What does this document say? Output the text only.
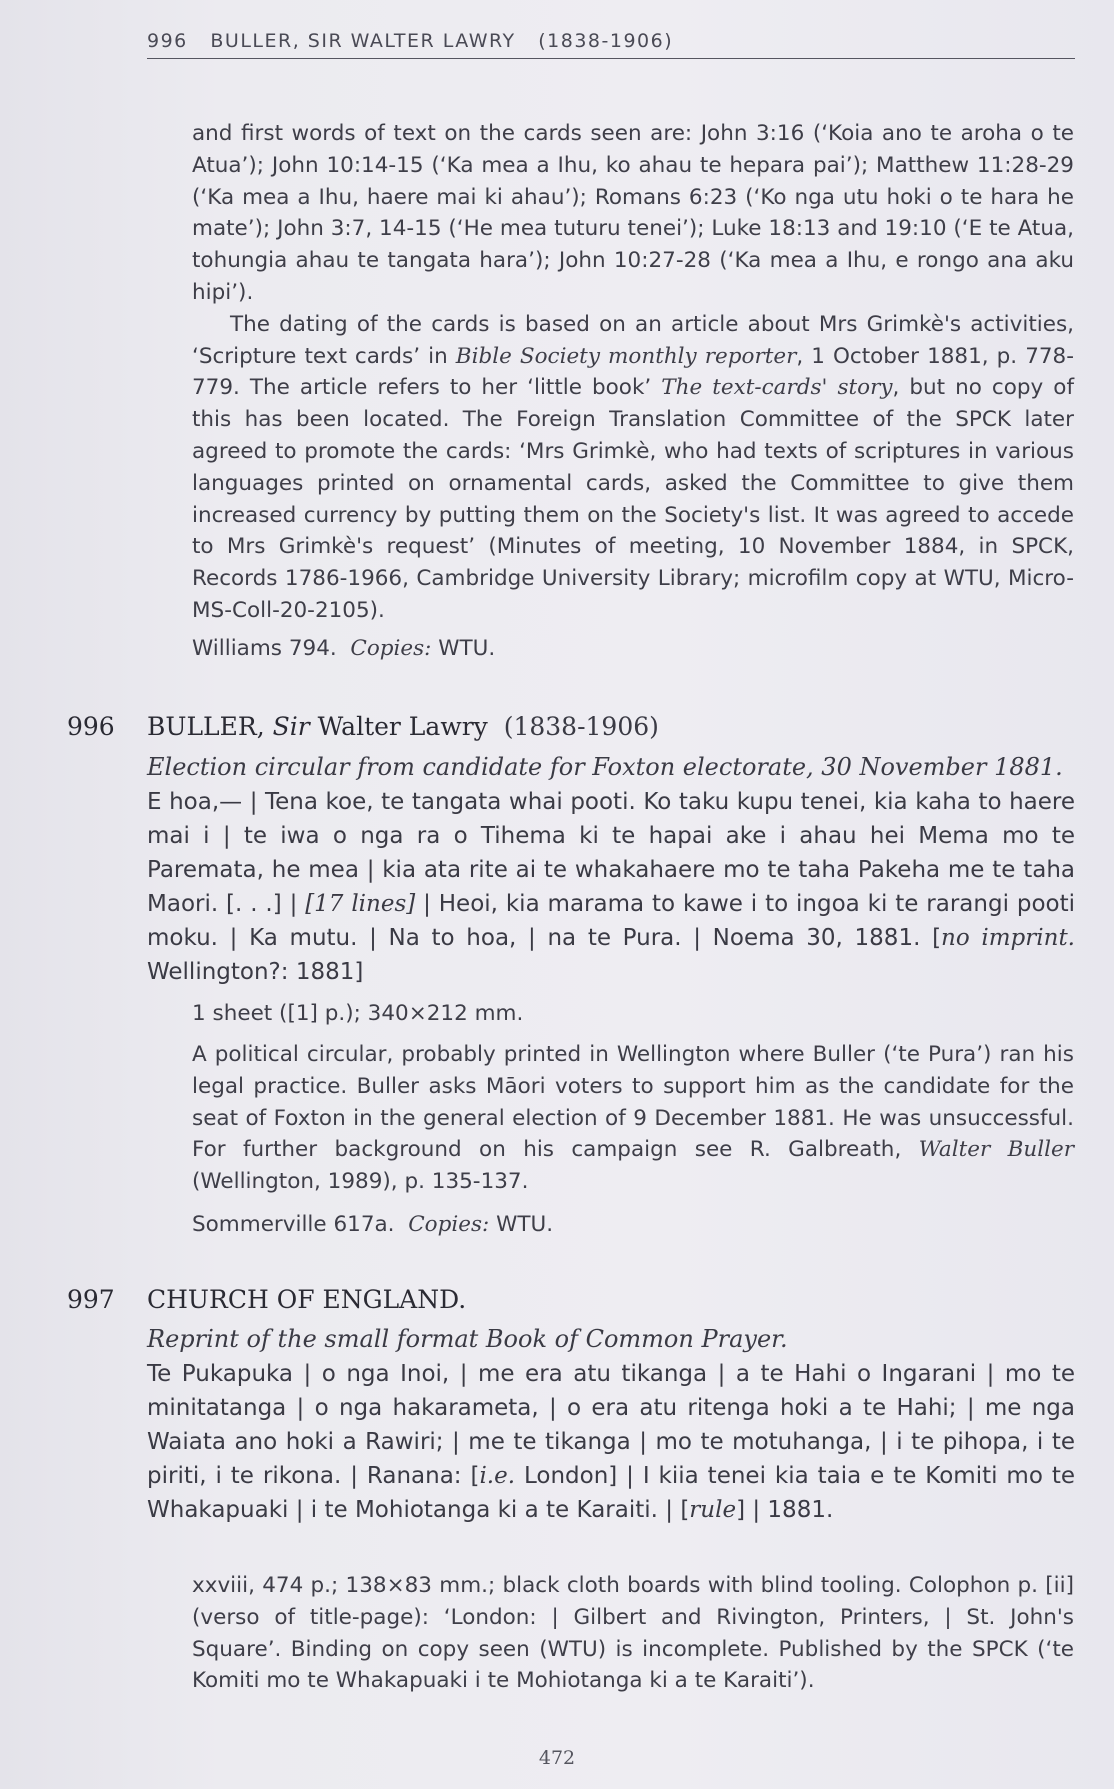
996   BULLER, SIR WALTER LAWRY   (1838-1906)

and first words of text on the cards seen are: John 3:16 (‘Koia ano te aroha o te Atua’); John 10:14-15 (‘Ka mea a Ihu, ko ahau te hepara pai’); Matthew 11:28-29 (‘Ka mea a Ihu, haere mai ki ahau’); Romans 6:23 (‘Ko nga utu hoki o te hara he mate’); John 3:7, 14-15 (‘He mea tuturu tenei’); Luke 18:13 and 19:10 (‘E te Atua, tohungia ahau te tangata hara’); John 10:27-28 (‘Ka mea a Ihu, e rongo ana aku hipi’).

The dating of the cards is based on an article about Mrs Grimkè's activities, ‘Scripture text cards’ in Bible Society monthly reporter, 1 October 1881, p. 778-779. The article refers to her ‘little book’ The text-cards' story, but no copy of this has been located. The Foreign Translation Committee of the SPCK later agreed to promote the cards: ‘Mrs Grimkè, who had texts of scriptures in various languages printed on ornamental cards, asked the Committee to give them increased currency by putting them on the Society's list. It was agreed to accede to Mrs Grimkè's request’ (Minutes of meeting, 10 November 1884, in SPCK, Records 1786-1966, Cambridge University Library; microfilm copy at WTU, Micro-MS-Coll-20-2105).

Williams 794.  Copies: WTU.

996 BULLER, Sir Walter Lawry (1838-1906)

Election circular from candidate for Foxton electorate, 30 November 1881.

E hoa,— | Tena koe, te tangata whai pooti. Ko taku kupu tenei, kia kaha to haere mai i | te iwa o nga ra o Tihema ki te hapai ake i ahau hei Mema mo te Paremata, he mea | kia ata rite ai te whakahaere mo te taha Pakeha me te taha Maori. [. . .] | [17 lines] | Heoi, kia marama to kawe i to ingoa ki te rarangi pooti moku. | Ka mutu. | Na to hoa, | na te Pura. | Noema 30, 1881. [no imprint. Wellington?: 1881]

1 sheet ([1] p.); 340×212 mm.

A political circular, probably printed in Wellington where Buller (‘te Pura’) ran his legal practice. Buller asks Māori voters to support him as the candidate for the seat of Foxton in the general election of 9 December 1881. He was unsuccessful. For further background on his campaign see R. Galbreath, Walter Buller (Wellington, 1989), p. 135-137.

Sommerville 617a.  Copies: WTU.

997 CHURCH OF ENGLAND.

Reprint of the small format Book of Common Prayer.

Te Pukapuka | o nga Inoi, | me era atu tikanga | a te Hahi o Ingarani | mo te minitatanga | o nga hakarameta, | o era atu ritenga hoki a te Hahi; | me nga Waiata ano hoki a Rawiri; | me te tikanga | mo te motuhanga, | i te pihopa, i te piriti, i te rikona. | Ranana: [i.e. London] | I kiia tenei kia taia e te Komiti mo te Whakapuaki | i te Mohiotanga ki a te Karaiti. | [rule] | 1881.

xxviii, 474 p.; 138×83 mm.; black cloth boards with blind tooling. Colophon p. [ii] (verso of title-page): ‘London: | Gilbert and Rivington, Printers, | St. John's Square’. Binding on copy seen (WTU) is incomplete. Published by the SPCK (‘te Komiti mo te Whakapuaki i te Mohiotanga ki a te Karaiti’).

472
